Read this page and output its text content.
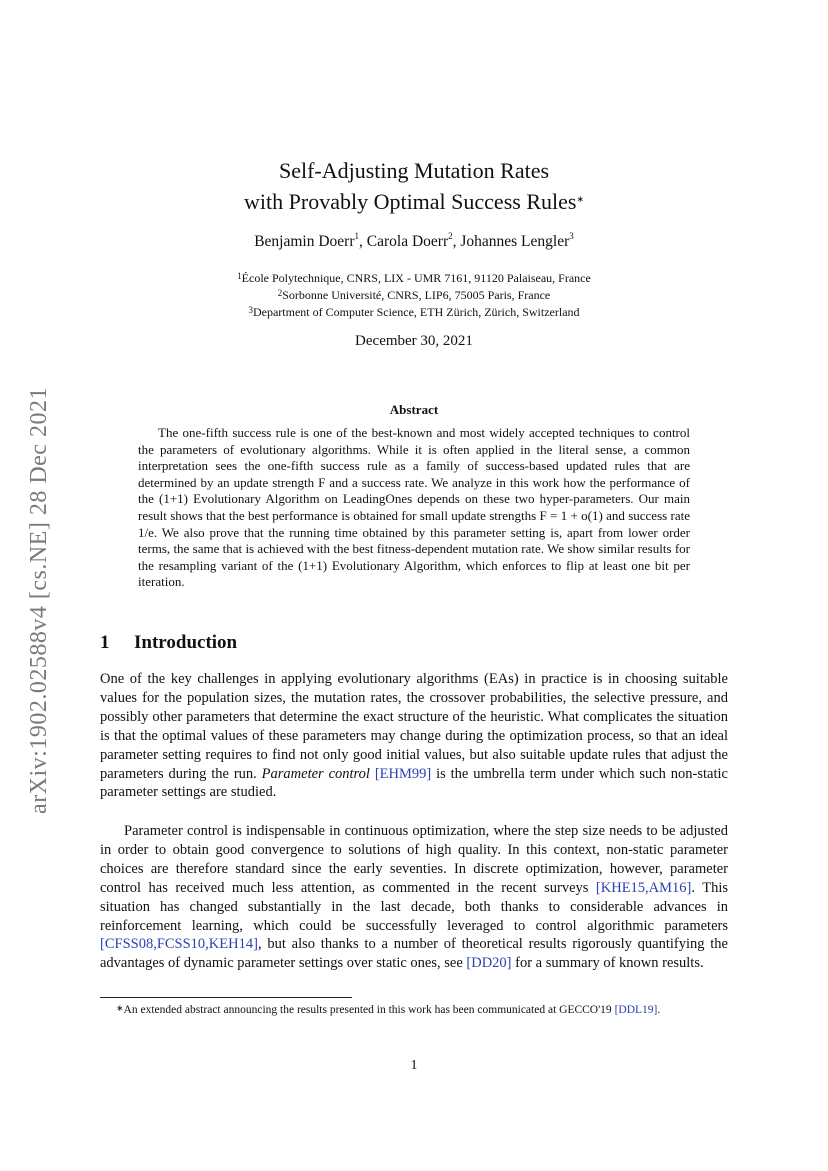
arXiv:1902.02588v4 [cs.NE] 28 Dec 2021
Self-Adjusting Mutation Rates
with Provably Optimal Success Rules∗
Benjamin Doerr$^1$, Carola Doerr$^2$, Johannes Lengler$^3$
$^1$École Polytechnique, CNRS, LIX - UMR 7161, 91120 Palaiseau, France
$^2$Sorbonne Université, CNRS, LIP6, 75005 Paris, France
$^3$Department of Computer Science, ETH Zürich, Zürich, Switzerland
December 30, 2021
Abstract
The one-fifth success rule is one of the best-known and most widely accepted techniques to control the parameters of evolutionary algorithms. While it is often applied in the literal sense, a common interpretation sees the one-fifth success rule as a family of success-based updated rules that are determined by an update strength F and a success rate. We analyze in this work how the performance of the (1+1) Evolutionary Algorithm on LeadingOnes depends on these two hyper-parameters. Our main result shows that the best performance is obtained for small update strengths F = 1 + o(1) and success rate 1/e. We also prove that the running time obtained by this parameter setting is, apart from lower order terms, the same that is achieved with the best fitness-dependent mutation rate. We show similar results for the resampling variant of the (1+1) Evolutionary Algorithm, which enforces to flip at least one bit per iteration.
1 Introduction
One of the key challenges in applying evolutionary algorithms (EAs) in practice is in choosing suitable values for the population sizes, the mutation rates, the crossover probabilities, the selective pressure, and possibly other parameters that determine the exact structure of the heuristic. What complicates the situation is that the optimal values of these parameters may change during the optimization process, so that an ideal parameter setting requires to find not only good initial values, but also suitable update rules that adjust the parameters during the run. Parameter control [EHM99] is the umbrella term under which such non-static parameter settings are studied.
Parameter control is indispensable in continuous optimization, where the step size needs to be adjusted in order to obtain good convergence to solutions of high quality. In this context, non-static parameter choices are therefore standard since the early seventies. In discrete optimization, however, parameter control has received much less attention, as commented in the recent surveys [KHE15,AM16]. This situation has changed substantially in the last decade, both thanks to considerable advances in reinforcement learning, which could be successfully leveraged to control algorithmic parameters [CFSS08,FCSS10,KEH14], but also thanks to a number of theoretical results rigorously quantifying the advantages of dynamic parameter settings over static ones, see [DD20] for a summary of known results.
∗An extended abstract announcing the results presented in this work has been communicated at GECCO'19 [DDL19].
1
